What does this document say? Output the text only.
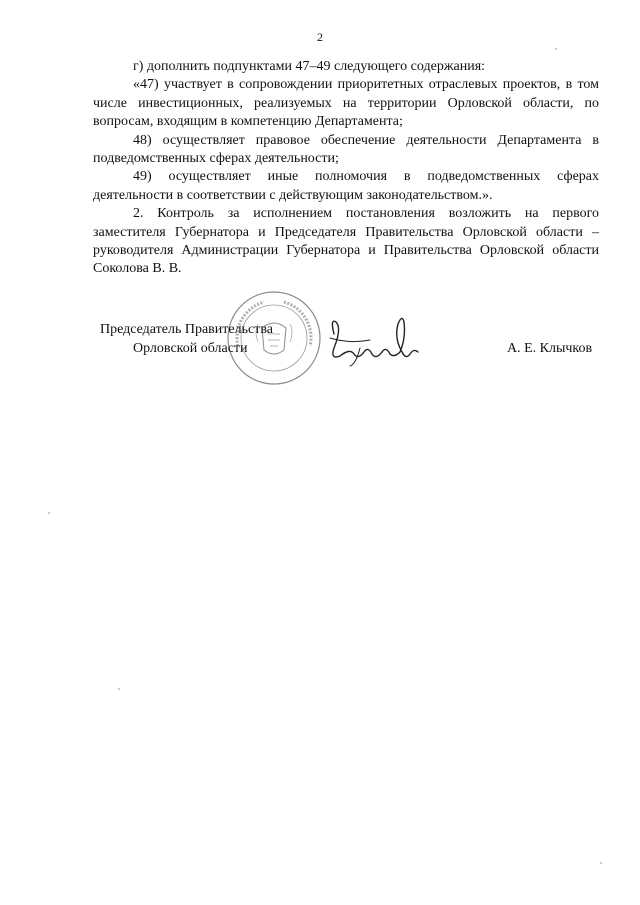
2

г) дополнить подпунктами 47–49 следующего содержания:

«47) участвует в сопровождении приоритетных отраслевых проектов, в том числе инвестиционных, реализуемых на территории Орловской области, по вопросам, входящим в компетенцию Департамента;

48) осуществляет правовое обеспечение деятельности Департамента в подведомственных сферах деятельности;

49) осуществляет иные полномочия в подведомственных сферах деятельности в соответствии с действующим законодательством.».

2. Контроль за исполнением постановления возложить на первого заместителя Губернатора и Председателя Правительства Орловской области – руководителя Администрации Губернатора и Правительства Орловской области Соколова В. В.

Председатель Правительства
Орловской области	А. Е. Клычков
